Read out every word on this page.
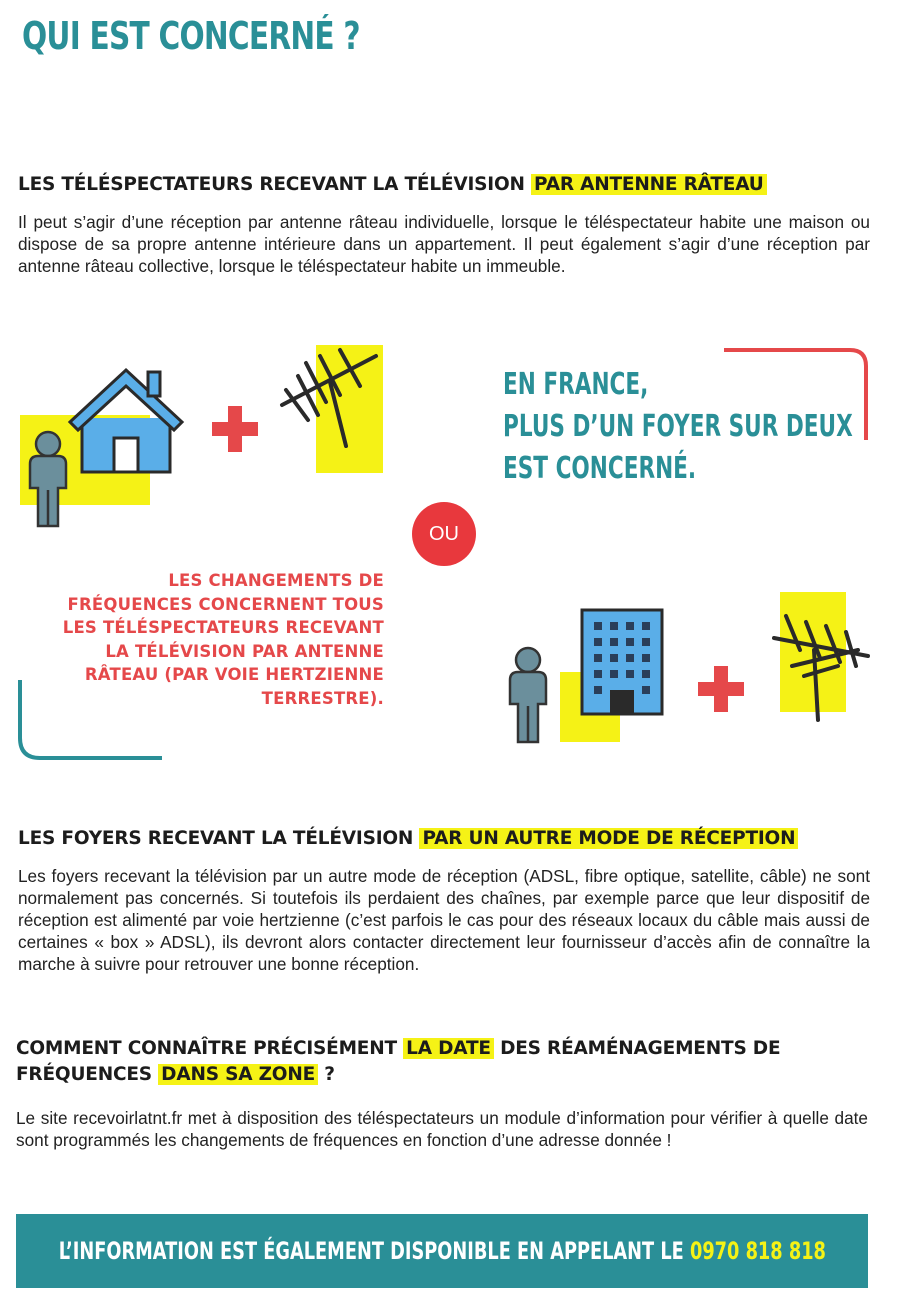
QUI EST CONCERNÉ ?
LES TÉLÉSPECTATEURS RECEVANT LA TÉLÉVISION PAR ANTENNE RÂTEAU
Il peut s’agir d’une réception par antenne râteau individuelle, lorsque le téléspectateur habite une maison ou dispose de sa propre antenne intérieure dans un appartement. Il peut également s’agir d’une réception par antenne râteau collective, lorsque le téléspectateur habite un immeuble.
EN FRANCE,
PLUS D’UN FOYER SUR DEUX
EST CONCERNÉ.
OU
LES CHANGEMENTS DE FRÉQUENCES CONCERNENT TOUS LES TÉLÉSPECTATEURS RECEVANT LA TÉLÉVISION PAR ANTENNE RÂTEAU (PAR VOIE HERTZIENNE TERRESTRE).
LES FOYERS RECEVANT LA TÉLÉVISION PAR UN AUTRE MODE DE RÉCEPTION
Les foyers recevant la télévision par un autre mode de réception (ADSL, fibre optique, satellite, câble) ne sont normalement pas concernés. Si toutefois ils perdaient des chaînes, par exemple parce que leur dispositif de réception est alimenté par voie hertzienne (c’est parfois le cas pour des réseaux locaux du câble mais aussi de certaines « box » ADSL), ils devront alors contacter directement leur fournisseur d’accès afin de connaître la marche à suivre pour retrouver une bonne réception.
COMMENT CONNAÎTRE PRÉCISÉMENT LA DATE DES RÉAMÉNAGEMENTS DE FRÉQUENCES DANS SA ZONE ?
Le site recevoirlatnt.fr met à disposition des téléspectateurs un module d’information pour vérifier à quelle date sont programmés les changements de fréquences en fonction d’une adresse donnée !
L’INFORMATION EST ÉGALEMENT DISPONIBLE EN APPELANT LE 0970 818 818
